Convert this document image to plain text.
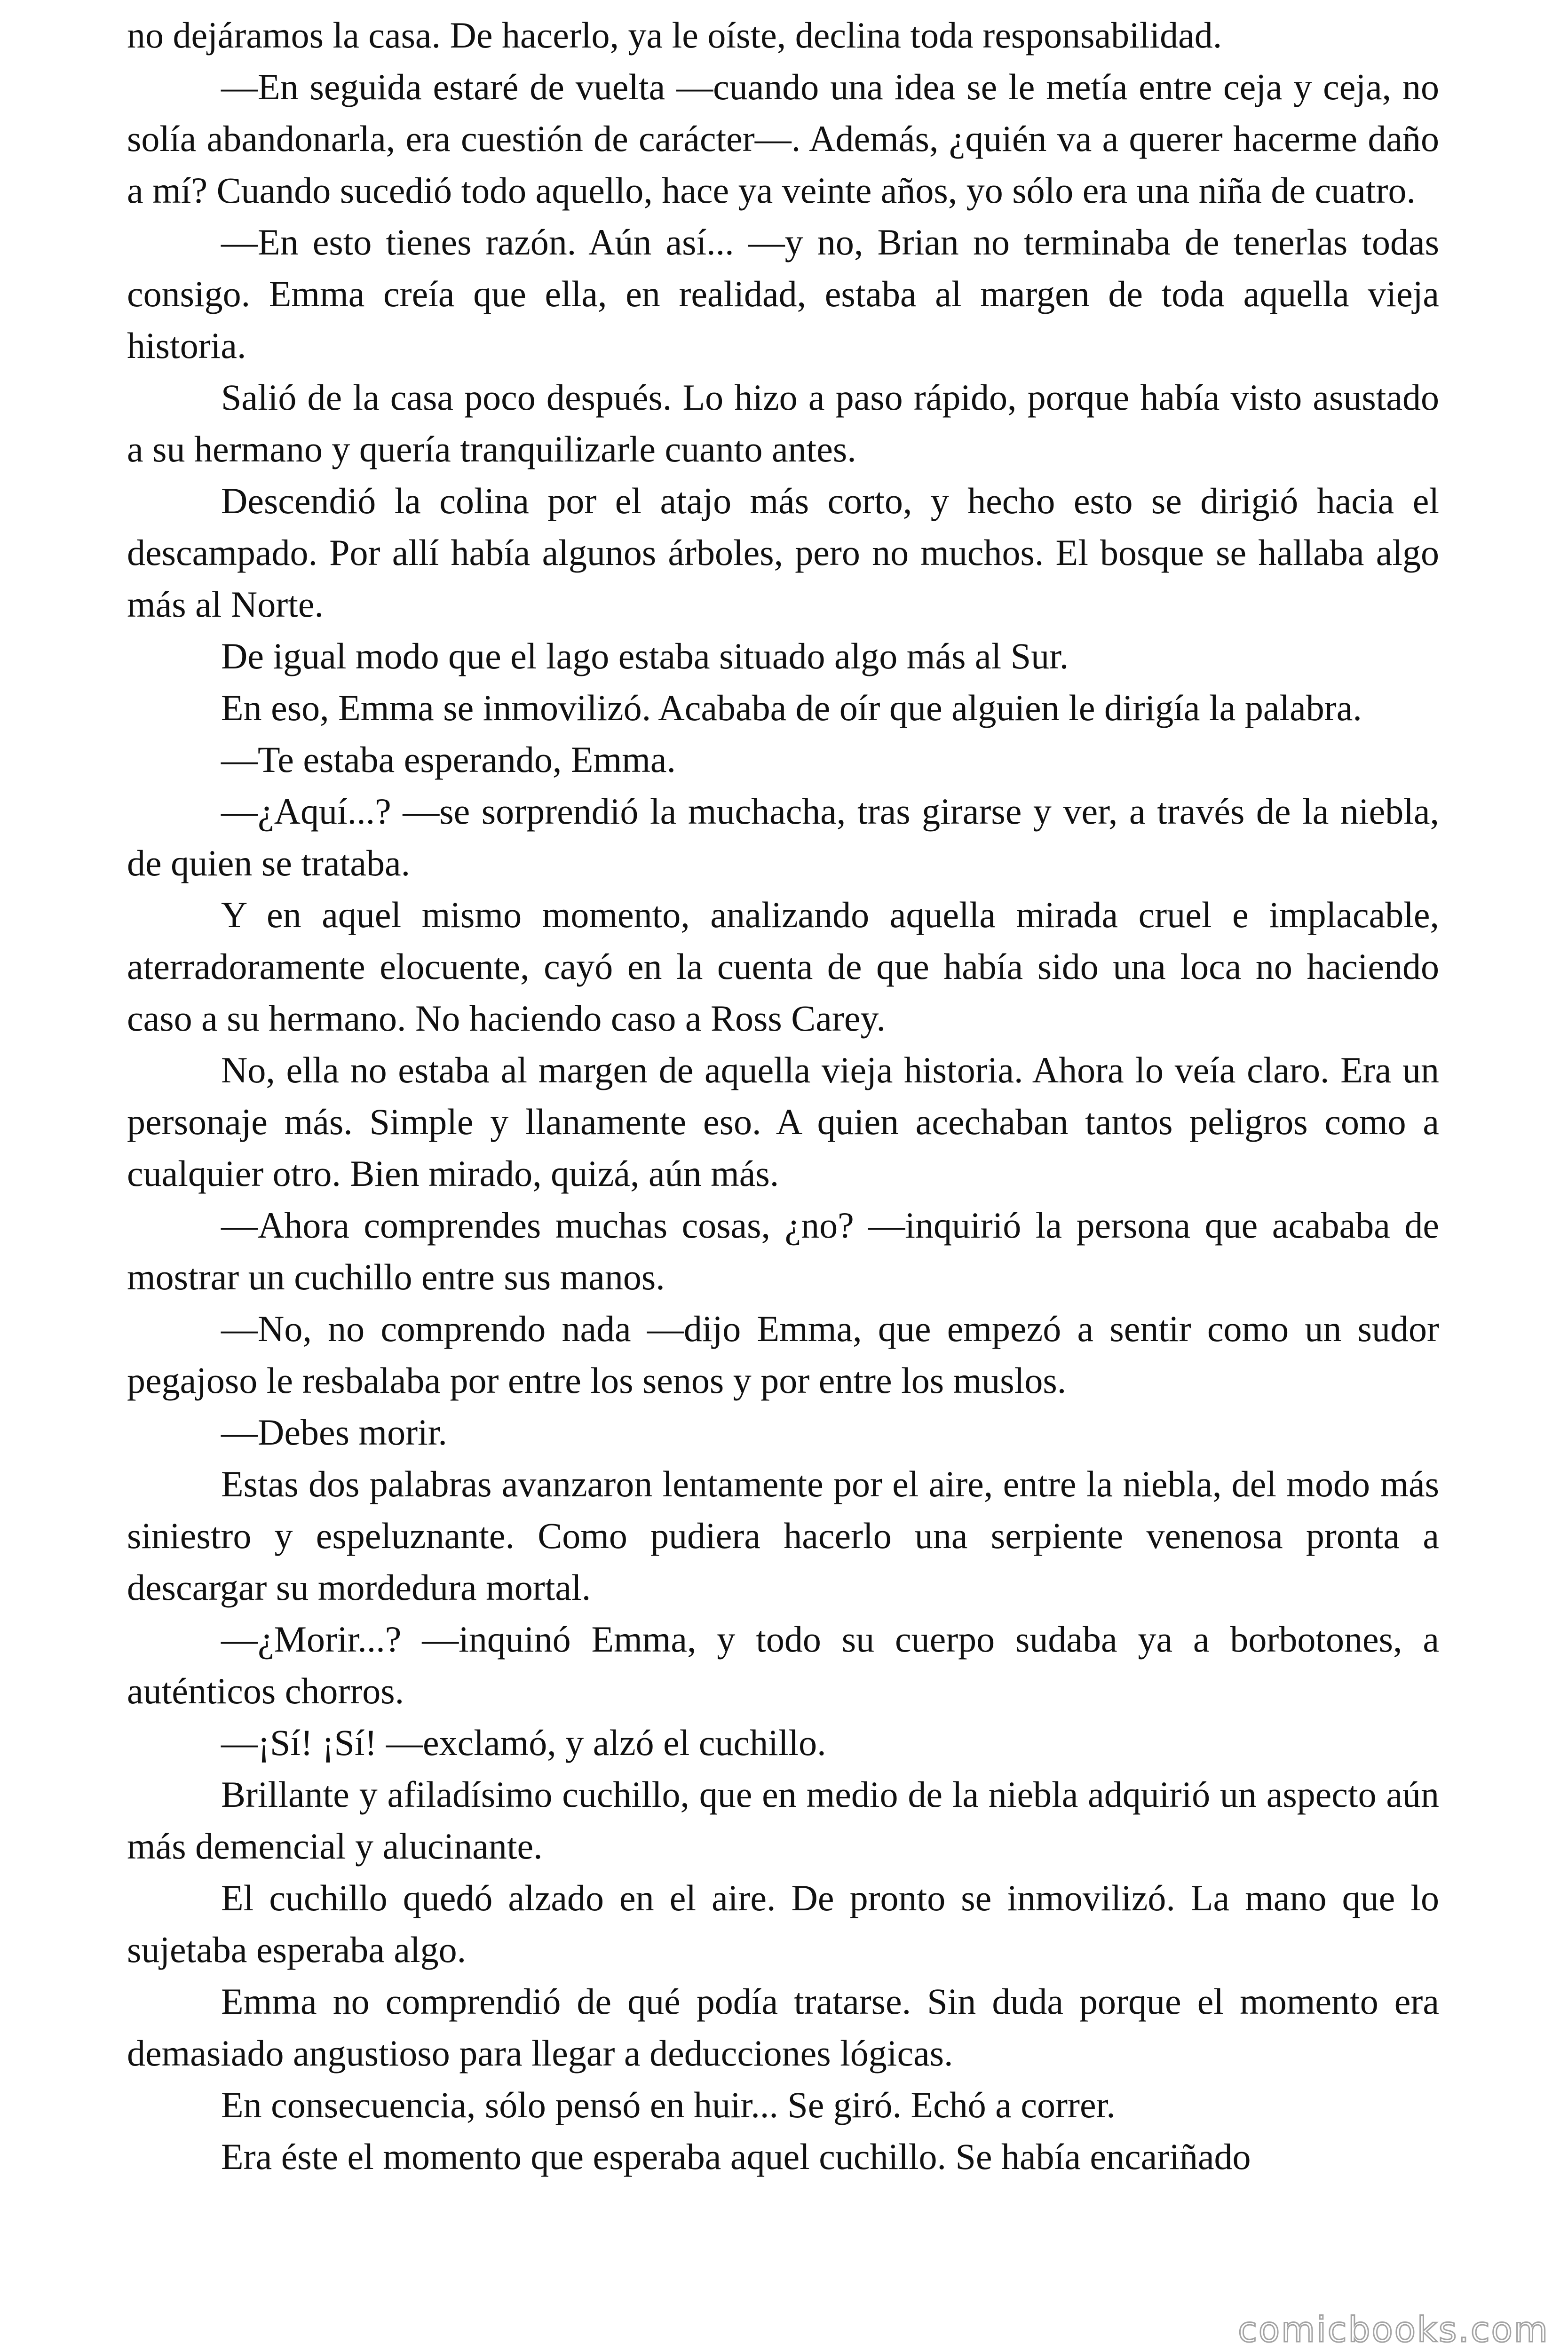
no dejáramos la casa. De hacerlo, ya le oíste, declina toda responsabilidad.

—En seguida estaré de vuelta —cuando una idea se le metía entre ceja y ceja, no solía abandonarla, era cuestión de carácter—. Además, ¿quién va a querer hacerme daño a mí? Cuando sucedió todo aquello, hace ya veinte años, yo sólo era una niña de cuatro.

—En esto tienes razón. Aún así... —y no, Brian no terminaba de tenerlas todas consigo. Emma creía que ella, en realidad, estaba al margen de toda aquella vieja historia.

Salió de la casa poco después. Lo hizo a paso rápido, porque había visto asustado a su hermano y quería tranquilizarle cuanto antes.

Descendió la colina por el atajo más corto, y hecho esto se dirigió hacia el descampado. Por allí había algunos árboles, pero no muchos. El bosque se hallaba algo más al Norte.

De igual modo que el lago estaba situado algo más al Sur.

En eso, Emma se inmovilizó. Acababa de oír que alguien le dirigía la palabra.

—Te estaba esperando, Emma.

—¿Aquí...? —se sorprendió la muchacha, tras girarse y ver, a través de la niebla, de quien se trataba.

Y en aquel mismo momento, analizando aquella mirada cruel e implacable, aterradoramente elocuente, cayó en la cuenta de que había sido una loca no haciendo caso a su hermano. No haciendo caso a Ross Carey.

No, ella no estaba al margen de aquella vieja historia. Ahora lo veía claro. Era un personaje más. Simple y llanamente eso. A quien acechaban tantos peligros como a cualquier otro. Bien mirado, quizá, aún más.

—Ahora comprendes muchas cosas, ¿no? —inquirió la persona que acababa de mostrar un cuchillo entre sus manos.

—No, no comprendo nada —dijo Emma, que empezó a sentir como un sudor pegajoso le resbalaba por entre los senos y por entre los muslos.

—Debes morir.

Estas dos palabras avanzaron lentamente por el aire, entre la niebla, del modo más siniestro y espeluznante. Como pudiera hacerlo una serpiente venenosa pronta a descargar su mordedura mortal.

—¿Morir...? —inquinó Emma, y todo su cuerpo sudaba ya a borbotones, a auténticos chorros.

—¡Sí! ¡Sí! —exclamó, y alzó el cuchillo.

Brillante y afiladísimo cuchillo, que en medio de la niebla adquirió un aspecto aún más demencial y alucinante.

El cuchillo quedó alzado en el aire. De pronto se inmovilizó. La mano que lo sujetaba esperaba algo.

Emma no comprendió de qué podía tratarse. Sin duda porque el momento era demasiado angustioso para llegar a deducciones lógicas.

En consecuencia, sólo pensó en huir... Se giró. Echó a correr.

Era éste el momento que esperaba aquel cuchillo. Se había encariñado

comicbooks.com
